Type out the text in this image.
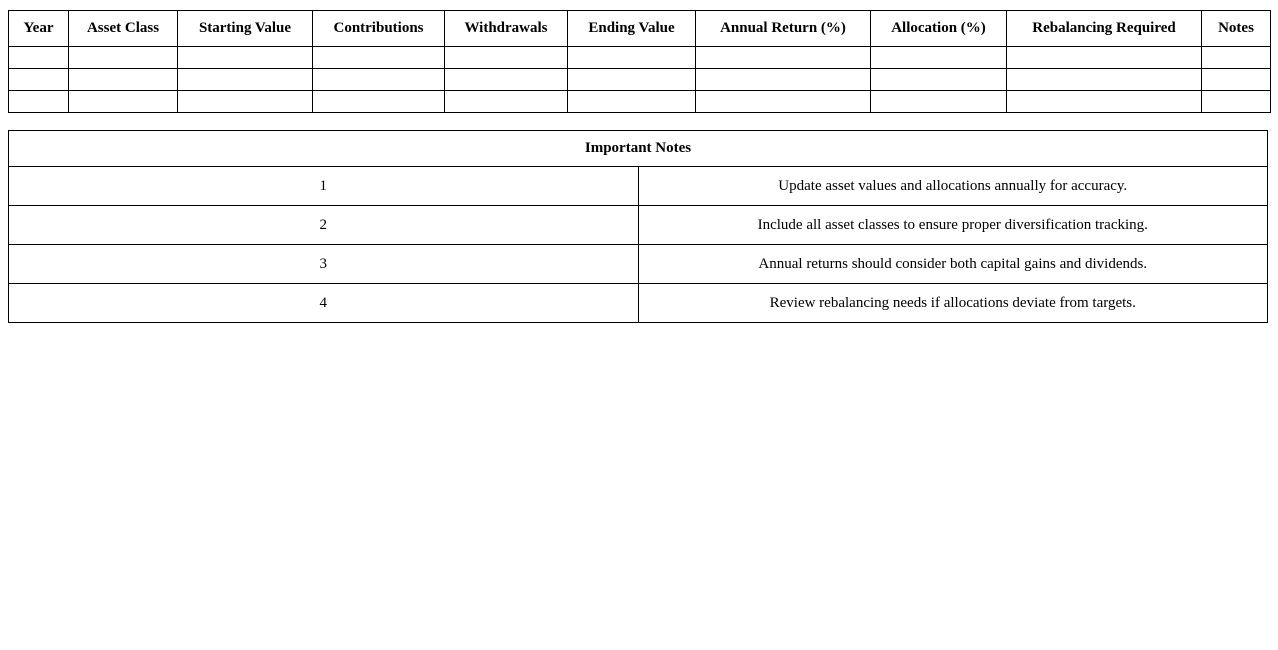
Year	Asset Class	Starting Value	Contributions	Withdrawals	Ending Value	Annual Return (%)	Allocation (%)	Rebalancing Required	Notes

Important Notes	
1	Update asset values and allocations annually for accuracy.
2	Include all asset classes to ensure proper diversification tracking.
3	Annual returns should consider both capital gains and dividends.
4	Review rebalancing needs if allocations deviate from targets.
